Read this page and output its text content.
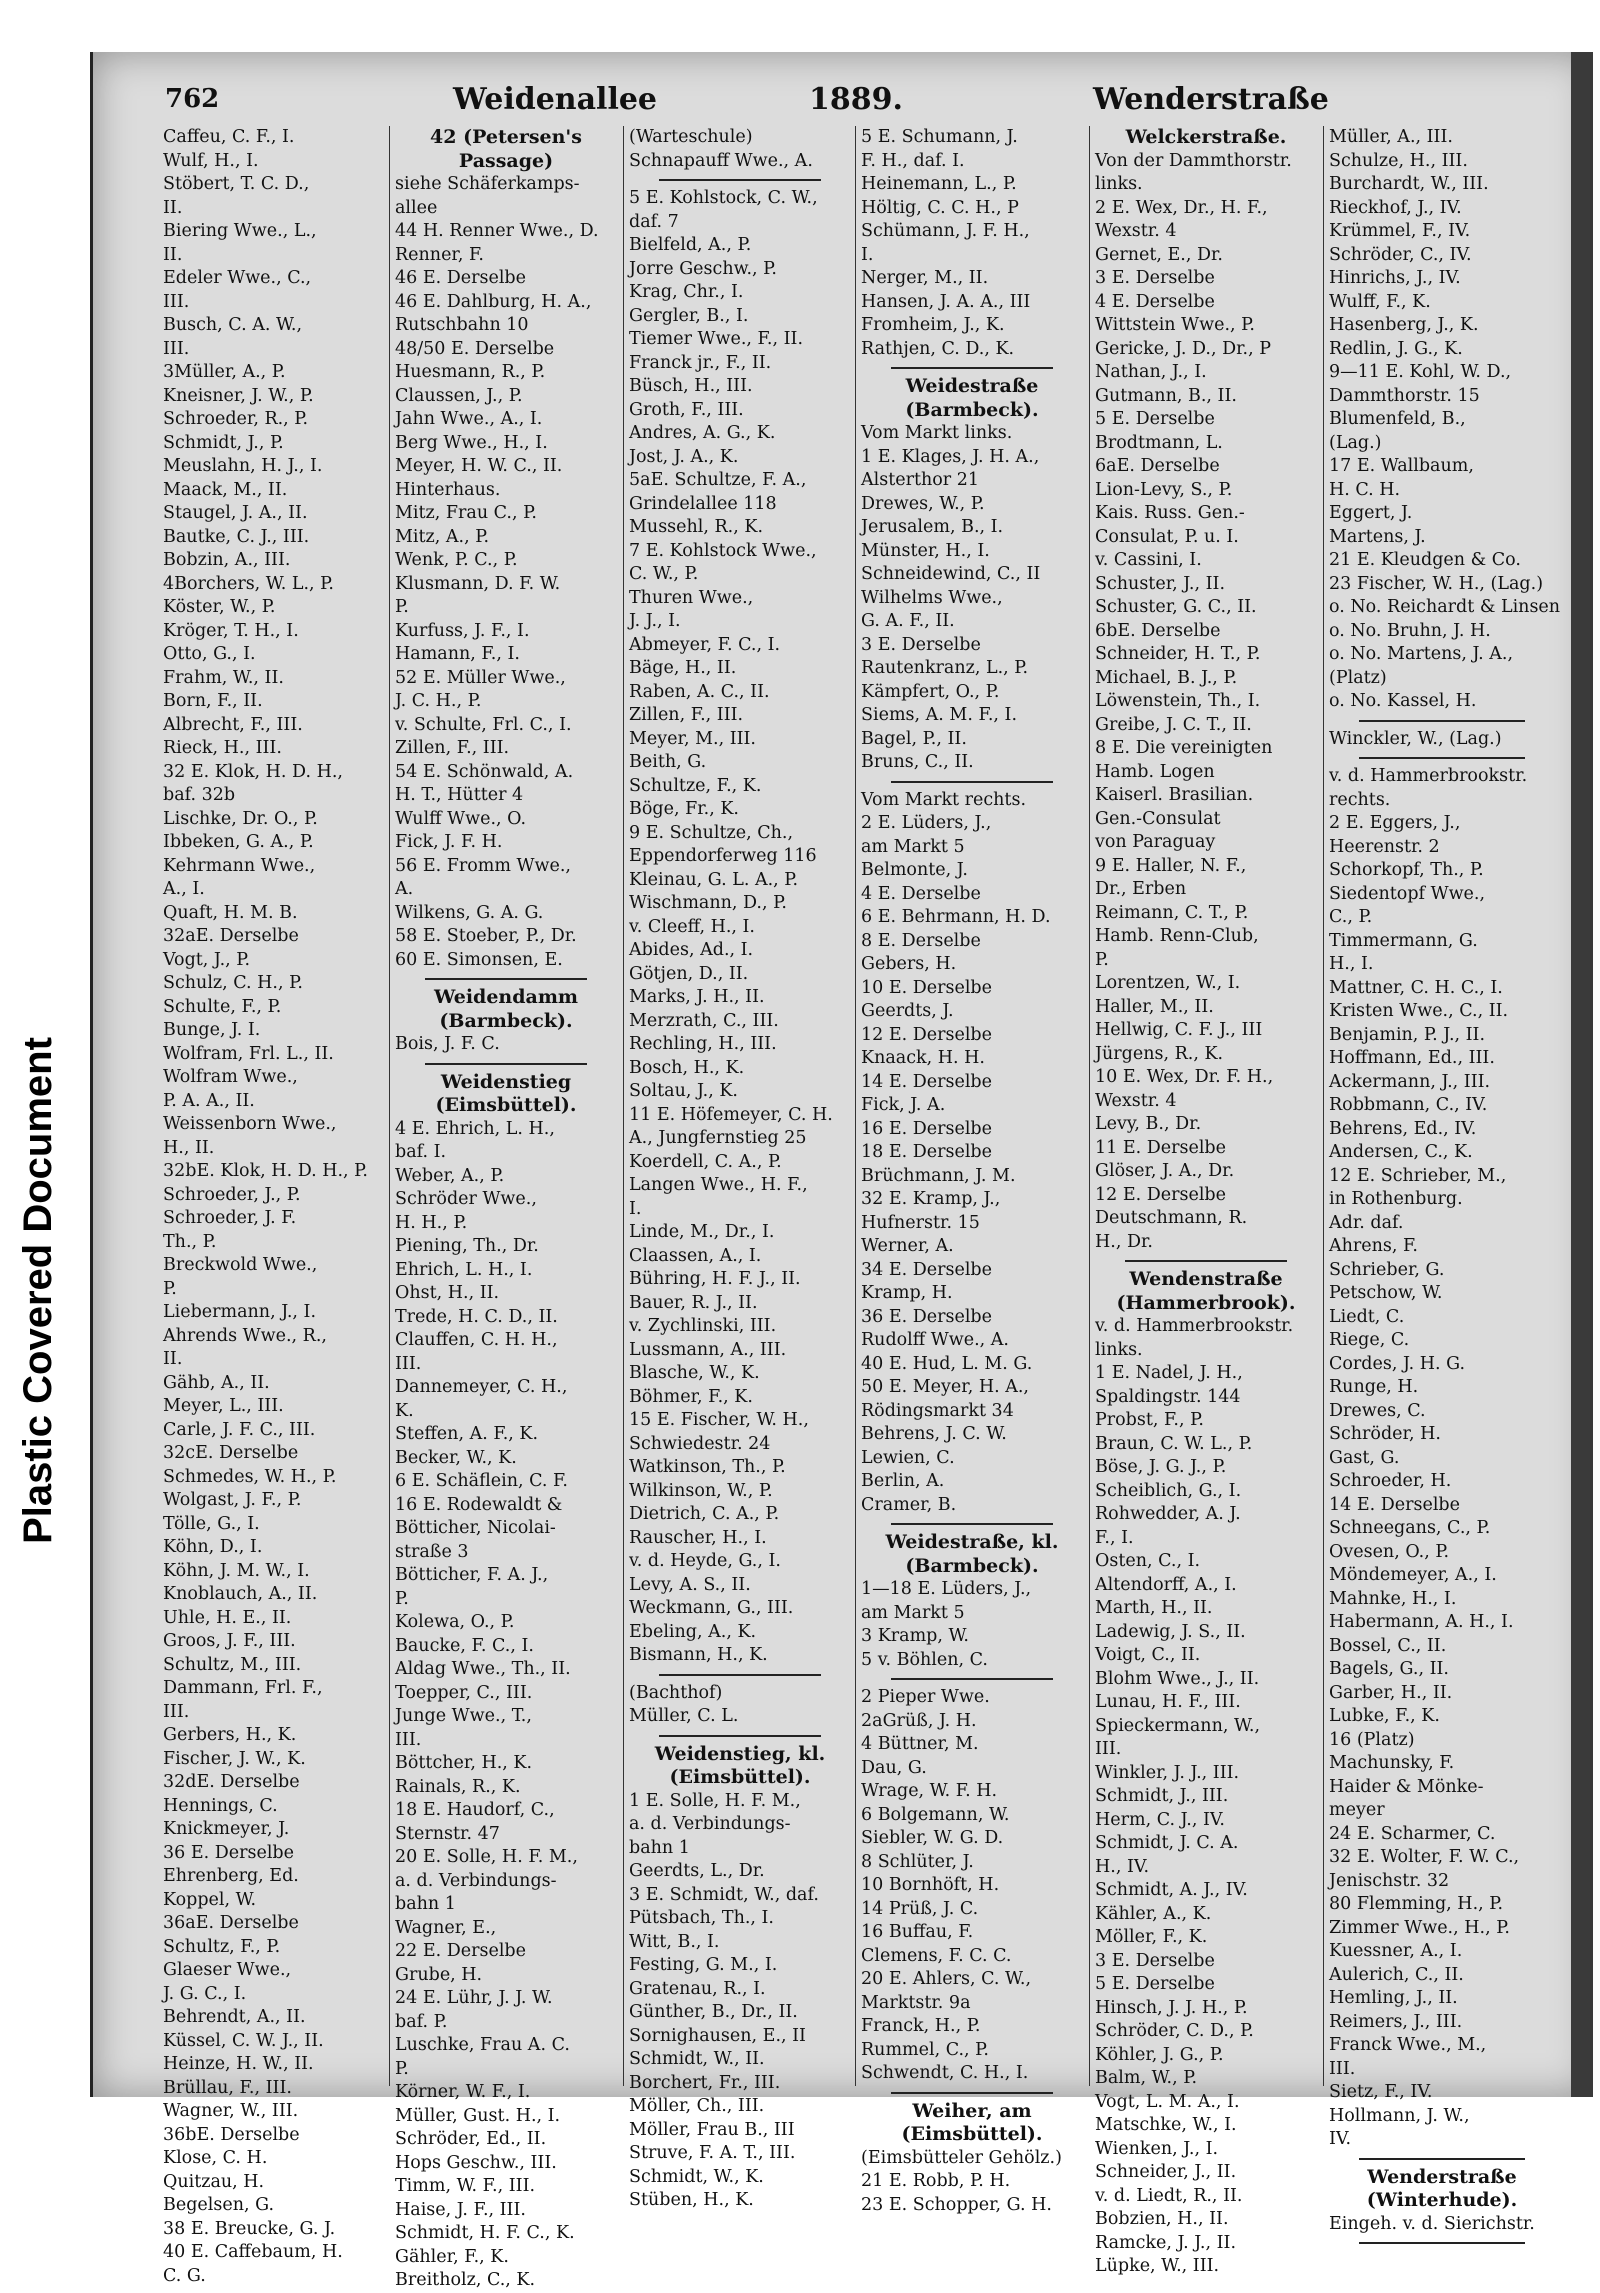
Plastic Covered Document
762	Weidenallee	1889.	Wenderstraße
Caffeu, C. F., I.
Wulf, H., I.
Stöbert, T. C. D.,
II.
Biering Wwe., L.,
II.
Edeler Wwe., C.,
III.
Busch, C. A. W.,
III.
3Müller, A., P.
Kneisner, J. W., P.
Schroeder, R., P.
Schmidt, J., P.
Meuslahn, H. J., I.
Maack, M., II.
Staugel, J. A., II.
Bautke, C. J., III.
Bobzin, A., III.
4Borchers, W. L., P.
Köster, W., P.
Kröger, T. H., I.
Otto, G., I.
Frahm, W., II.
Born, F., II.
Albrecht, F., III.
Rieck, H., III.
32 E. Klok, H. D. H.,
baf. 32b
Lischke, Dr. O., P.
Ibbeken, G. A., P.
Kehrmann Wwe.,
A., I.
Quaft, H. M. B.
32aE. Derselbe
Vogt, J., P.
Schulz, C. H., P.
Schulte, F., P.
Bunge, J. I.
Wolfram, Frl. L., II.
Wolfram Wwe.,
P. A. A., II.
Weissenborn Wwe.,
H., II.
32bE. Klok, H. D. H., P.
Schroeder, J., P.
Schroeder, J. F.
Th., P.
Breckwold Wwe.,
P.
Liebermann, J., I.
Ahrends Wwe., R.,
II.
Gähb, A., II.
Meyer, L., III.
Carle, J. F. C., III.
32cE. Derselbe
Schmedes, W. H., P.
Wolgast, J. F., P.
Tölle, G., I.
Köhn, D., I.
Köhn, J. M. W., I.
Knoblauch, A., II.
Uhle, H. E., II.
Groos, J. F., III.
Schultz, M., III.
Dammann, Frl. F.,
III.
Gerbers, H., K.
Fischer, J. W., K.
32dE. Derselbe
Hennings, C.
Knickmeyer, J.
36 E. Derselbe
Ehrenberg, Ed.
Koppel, W.
36aE. Derselbe
Schultz, F., P.
Glaeser Wwe.,
J. G. C., I.
Behrendt, A., II.
Küssel, C. W. J., II.
Heinze, H. W., II.
Brüllau, F., III.
Wagner, W., III.
36bE. Derselbe
Klose, C. H.
Quitzau, H.
Begelsen, G.
38 E. Breucke, G. J.
40 E. Caffebaum, H.
C. G.
42 (Petersen's
Passage)
siehe Schäferkamps-
allee
44 H. Renner Wwe., D.
Renner, F.
46 E. Derselbe
46 E. Dahlburg, H. A.,
Rutschbahn 10
48/50 E. Derselbe
Huesmann, R., P.
Claussen, J., P.
Jahn Wwe., A., I.
Berg Wwe., H., I.
Meyer, H. W. C., II.
Hinterhaus.
Mitz, Frau C., P.
Mitz, A., P.
Wenk, P. C., P.
Klusmann, D. F. W.
P.
Kurfuss, J. F., I.
Hamann, F., I.
52 E. Müller Wwe.,
J. C. H., P.
v. Schulte, Frl. C., I.
Zillen, F., III.
54 E. Schönwald, A.
H. T., Hütter 4
Wulff Wwe., O.
Fick, J. F. H.
56 E. Fromm Wwe.,
A.
Wilkens, G. A. G.
58 E. Stoeber, P., Dr.
60 E. Simonsen, E.
Weidendamm
(Barmbeck).
Bois, J. F. C.
Weidenstieg
(Eimsbüttel).
4 E. Ehrich, L. H.,
baf. I.
Weber, A., P.
Schröder Wwe.,
H. H., P.
Piening, Th., Dr.
Ehrich, L. H., I.
Ohst, H., II.
Trede, H. C. D., II.
Clauffen, C. H. H.,
III.
Dannemeyer, C. H.,
K.
Steffen, A. F., K.
Becker, W., K.
6 E. Schäflein, C. F.
16 E. Rodewaldt &
Bötticher, Nicolai-
straße 3
Bötticher, F. A. J.,
P.
Kolewa, O., P.
Baucke, F. C., I.
Aldag Wwe., Th., II.
Toepper, C., III.
Junge Wwe., T.,
III.
Böttcher, H., K.
Rainals, R., K.
18 E. Haudorf, C.,
Sternstr. 47
20 E. Solle, H. F. M.,
a. d. Verbindungs-
bahn 1
Wagner, E.,
22 E. Derselbe
Grube, H.
24 E. Lühr, J. J. W.
baf. P.
Luschke, Frau A. C.
P.
Körner, W. F., I.
Müller, Gust. H., I.
Schröder, Ed., II.
Hops Geschw., III.
Timm, W. F., III.
Haise, J. F., III.
Schmidt, H. F. C., K.
Gähler, F., K.
Breitholz, C., K.
(Warteschule)
Schnapauff Wwe., A.
5 E. Kohlstock, C. W.,
daf. 7
Bielfeld, A., P.
Jorre Geschw., P.
Krag, Chr., I.
Gergler, B., I.
Tiemer Wwe., F., II.
Franck jr., F., II.
Büsch, H., III.
Groth, F., III.
Andres, A. G., K.
Jost, J. A., K.
5aE. Schultze, F. A.,
Grindelallee 118
Mussehl, R., K.
7 E. Kohlstock Wwe.,
C. W., P.
Thuren Wwe.,
J. J., I.
Abmeyer, F. C., I.
Bäge, H., II.
Raben, A. C., II.
Zillen, F., III.
Meyer, M., III.
Beith, G.
Schultze, F., K.
Böge, Fr., K.
9 E. Schultze, Ch.,
Eppendorferweg 116
Kleinau, G. L. A., P.
Wischmann, D., P.
v. Cleeff, H., I.
Abides, Ad., I.
Götjen, D., II.
Marks, J. H., II.
Merzrath, C., III.
Rechling, H., III.
Bosch, H., K.
Soltau, J., K.
11 E. Höfemeyer, C. H.
A., Jungfernstieg 25
Koerdell, C. A., P.
Langen Wwe., H. F.,
I.
Linde, M., Dr., I.
Claassen, A., I.
Bühring, H. F. J., II.
Bauer, R. J., II.
v. Zychlinski, III.
Lussmann, A., III.
Blasche, W., K.
Böhmer, F., K.
15 E. Fischer, W. H.,
Schwiedestr. 24
Watkinson, Th., P.
Wilkinson, W., P.
Dietrich, C. A., P.
Rauscher, H., I.
v. d. Heyde, G., I.
Levy, A. S., II.
Weckmann, G., III.
Ebeling, A., K.
Bismann, H., K.
(Bachthof)
Müller, C. L.
Weidenstieg, kl.
(Eimsbüttel).
1 E. Solle, H. F. M.,
a. d. Verbindungs-
bahn 1
Geerdts, L., Dr.
3 E. Schmidt, W., daf.
Pütsbach, Th., I.
Witt, B., I.
Festing, G. M., I.
Gratenau, R., I.
Günther, B., Dr., II.
Sornighausen, E., II
Schmidt, W., II.
Borchert, Fr., III.
Möller, Ch., III.
Möller, Frau B., III
Struve, F. A. T., III.
Schmidt, W., K.
Stüben, H., K.
5 E. Schumann, J.
F. H., daf. I.
Heinemann, L., P.
Höltig, C. C. H., P
Schümann, J. F. H.,
I.
Nerger, M., II.
Hansen, J. A. A., III
Fromheim, J., K.
Rathjen, C. D., K.
Weidestraße
(Barmbeck).
Vom Markt links.
1 E. Klages, J. H. A.,
Alsterthor 21
Drewes, W., P.
Jerusalem, B., I.
Münster, H., I.
Schneidewind, C., II
Wilhelms Wwe.,
G. A. F., II.
3 E. Derselbe
Rautenkranz, L., P.
Kämpfert, O., P.
Siems, A. M. F., I.
Bagel, P., II.
Bruns, C., II.
Vom Markt rechts.
2 E. Lüders, J.,
am Markt 5
Belmonte, J.
4 E. Derselbe
6 E. Behrmann, H. D.
8 E. Derselbe
Gebers, H.
10 E. Derselbe
Geerdts, J.
12 E. Derselbe
Knaack, H. H.
14 E. Derselbe
Fick, J. A.
16 E. Derselbe
18 E. Derselbe
Brüchmann, J. M.
32 E. Kramp, J.,
Hufnerstr. 15
Werner, A.
34 E. Derselbe
Kramp, H.
36 E. Derselbe
Rudolff Wwe., A.
40 E. Hud, L. M. G.
50 E. Meyer, H. A.,
Rödingsmarkt 34
Behrens, J. C. W.
Lewien, C.
Berlin, A.
Cramer, B.
Weidestraße, kl.
(Barmbeck).
1—18 E. Lüders, J.,
am Markt 5
3 Kramp, W.
5 v. Böhlen, C.
2 Pieper Wwe.
2aGrüß, J. H.
4 Büttner, M.
Dau, G.
Wrage, W. F. H.
6 Bolgemann, W.
Siebler, W. G. D.
8 Schlüter, J.
10 Bornhöft, H.
14 Prüß, J. C.
16 Buffau, F.
Clemens, F. C. C.
20 E. Ahlers, C. W.,
Marktstr. 9a
Franck, H., P.
Rummel, C., P.
Schwendt, C. H., I.
Weiher, am
(Eimsbüttel).
(Eimsbütteler Gehölz.)
21 E. Robb, P. H.
23 E. Schopper, G. H.
Welckerstraße.
Von der Dammthorstr.
links.
2 E. Wex, Dr., H. F.,
Wexstr. 4
Gernet, E., Dr.
3 E. Derselbe
4 E. Derselbe
Wittstein Wwe., P.
Gericke, J. D., Dr., P
Nathan, J., I.
Gutmann, B., II.
5 E. Derselbe
Brodtmann, L.
6aE. Derselbe
Lion-Levy, S., P.
Kais. Russ. Gen.-
Consulat, P. u. I.
v. Cassini, I.
Schuster, J., II.
Schuster, G. C., II.
6bE. Derselbe
Schneider, H. T., P.
Michael, B. J., P.
Löwenstein, Th., I.
Greibe, J. C. T., II.
8 E. Die vereinigten
Hamb. Logen
Kaiserl. Brasilian.
Gen.-Consulat
von Paraguay
9 E. Haller, N. F.,
Dr., Erben
Reimann, C. T., P.
Hamb. Renn-Club,
P.
Lorentzen, W., I.
Haller, M., II.
Hellwig, C. F. J., III
Jürgens, R., K.
10 E. Wex, Dr. F. H.,
Wexstr. 4
Levy, B., Dr.
11 E. Derselbe
Glöser, J. A., Dr.
12 E. Derselbe
Deutschmann, R.
H., Dr.
Wendenstraße
(Hammerbrook).
v. d. Hammerbrookstr.
links.
1 E. Nadel, J. H.,
Spaldingstr. 144
Probst, F., P.
Braun, C. W. L., P.
Böse, J. G. J., P.
Scheiblich, G., I.
Rohwedder, A. J.
F., I.
Osten, C., I.
Altendorff, A., I.
Marth, H., II.
Ladewig, J. S., II.
Voigt, C., II.
Blohm Wwe., J., II.
Lunau, H. F., III.
Spieckermann, W.,
III.
Winkler, J. J., III.
Schmidt, J., III.
Herm, C. J., IV.
Schmidt, J. C. A.
H., IV.
Schmidt, A. J., IV.
Kähler, A., K.
Möller, F., K.
3 E. Derselbe
5 E. Derselbe
Hinsch, J. J. H., P.
Schröder, C. D., P.
Köhler, J. G., P.
Balm, W., P.
Vogt, L. M. A., I.
Matschke, W., I.
Wienken, J., I.
Schneider, J., II.
v. d. Liedt, R., II.
Bobzien, H., II.
Ramcke, J. J., II.
Lüpke, W., III.
Müller, A., III.
Schulze, H., III.
Burchardt, W., III.
Rieckhof, J., IV.
Krümmel, F., IV.
Schröder, C., IV.
Hinrichs, J., IV.
Wulff, F., K.
Hasenberg, J., K.
Redlin, J. G., K.
9—11 E. Kohl, W. D.,
Dammthorstr. 15
Blumenfeld, B.,
(Lag.)
17 E. Wallbaum,
H. C. H.
Eggert, J.
Martens, J.
21 E. Kleudgen & Co.
23 Fischer, W. H., (Lag.)
o. No. Reichardt & Linsen
o. No. Bruhn, J. H.
o. No. Martens, J. A.,
(Platz)
o. No. Kassel, H.
Winckler, W., (Lag.)
v. d. Hammerbrookstr.
rechts.
2 E. Eggers, J.,
Heerenstr. 2
Schorkopf, Th., P.
Siedentopf Wwe.,
C., P.
Timmermann, G.
H., I.
Mattner, C. H. C., I.
Kristen Wwe., C., II.
Benjamin, P. J., II.
Hoffmann, Ed., III.
Ackermann, J., III.
Robbmann, C., IV.
Behrens, Ed., IV.
Andersen, C., K.
12 E. Schrieber, M.,
in Rothenburg.
Adr. daf.
Ahrens, F.
Schrieber, G.
Petschow, W.
Liedt, C.
Riege, C.
Cordes, J. H. G.
Runge, H.
Drewes, C.
Schröder, H.
Gast, G.
Schroeder, H.
14 E. Derselbe
Schneegans, C., P.
Ovesen, O., P.
Möndemeyer, A., I.
Mahnke, H., I.
Habermann, A. H., I.
Bossel, C., II.
Bagels, G., II.
Garber, H., II.
Lubke, F., K.
16 (Platz)
Machunsky, F.
Haider & Mönke-
meyer
24 E. Scharmer, C.
32 E. Wolter, F. W. C.,
Jenischstr. 32
80 Flemming, H., P.
Zimmer Wwe., H., P.
Kuessner, A., I.
Aulerich, C., II.
Hemling, J., II.
Reimers, J., III.
Franck Wwe., M.,
III.
Sietz, F., IV.
Hollmann, J. W.,
IV.
Wenderstraße
(Winterhude).
Eingeh. v. d. Sierichstr.
